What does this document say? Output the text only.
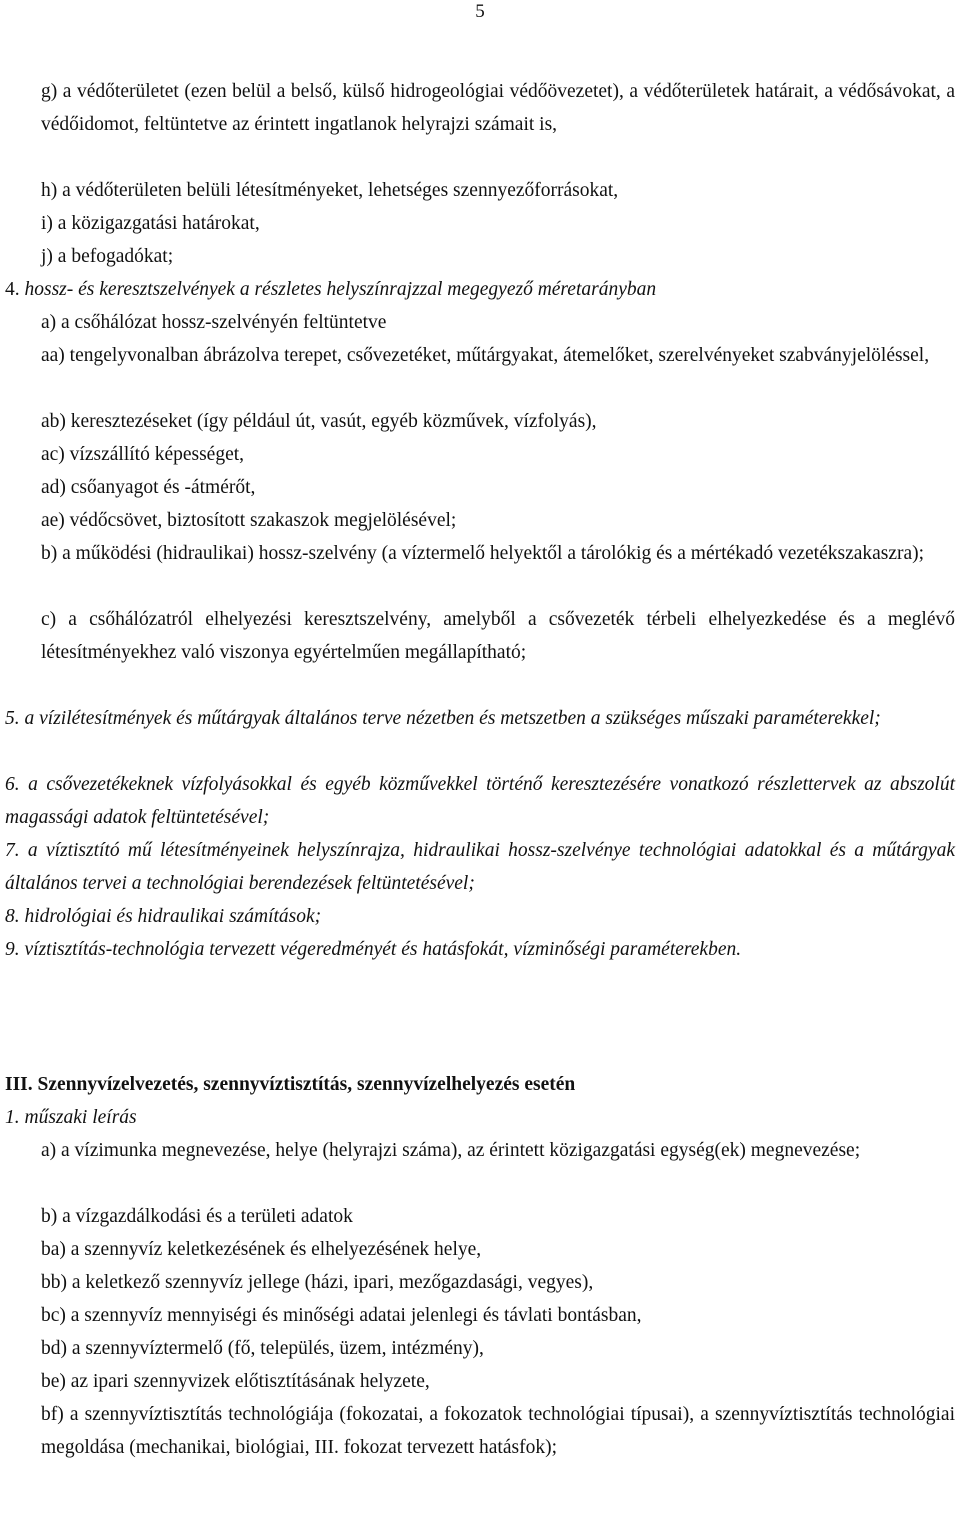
5
g) a védőterületet (ezen belül a belső, külső hidrogeológiai védőövezetet), a védőterületek határait, a védősávokat, a védőidomot, feltüntetve az érintett ingatlanok helyrajzi számait is,
h) a védőterületen belüli létesítményeket, lehetséges szennyezőforrásokat,
i) a közigazgatási határokat,
j) a befogadókat;
4. hossz- és keresztszelvények a részletes helyszínrajzzal megegyező méretarányban
a) a csőhálózat hossz-szelvényén feltüntetve
aa) tengelyvonalban ábrázolva terepet, csővezetéket, műtárgyakat, átemelőket, szerelvényeket szabványjelöléssel,
ab) keresztezéseket (így például út, vasút, egyéb közművek, vízfolyás),
ac) vízszállító képességet,
ad) csőanyagot és -átmérőt,
ae) védőcsövet, biztosított szakaszok megjelölésével;
b) a működési (hidraulikai) hossz-szelvény (a víztermelő helyektől a tárolókig és a mértékadó vezetékszakaszra);
c) a csőhálózatról elhelyezési keresztszelvény, amelyből a csővezeték térbeli elhelyezkedése és a meglévő létesítményekhez való viszonya egyértelműen megállapítható;
5. a vízilétesítmények és műtárgyak általános terve nézetben és metszetben a szükséges műszaki paraméterekkel;
6. a csővezetékeknek vízfolyásokkal és egyéb közművekkel történő keresztezésére vonatkozó részlettervek az abszolút magassági adatok feltüntetésével;
7. a víztisztító mű létesítményeinek helyszínrajza, hidraulikai hossz-szelvénye technológiai adatokkal és a műtárgyak általános tervei a technológiai berendezések feltüntetésével;
8. hidrológiai és hidraulikai számítások;
9. víztisztítás-technológia tervezett végeredményét és hatásfokát, vízminőségi paraméterekben.
III. Szennyvízelvezetés, szennyvíztisztítás, szennyvízelhelyezés esetén
1. műszaki leírás
a) a vízimunka megnevezése, helye (helyrajzi száma), az érintett közigazgatási egység(ek) megnevezése;
b) a vízgazdálkodási és a területi adatok
ba) a szennyvíz keletkezésének és elhelyezésének helye,
bb) a keletkező szennyvíz jellege (házi, ipari, mezőgazdasági, vegyes),
bc) a szennyvíz mennyiségi és minőségi adatai jelenlegi és távlati bontásban,
bd) a szennyvíztermelő (fő, település, üzem, intézmény),
be) az ipari szennyvizek előtisztításának helyzete,
bf) a szennyvíztisztítás technológiája (fokozatai, a fokozatok technológiai típusai), a szennyvíztisztítás technológiai megoldása (mechanikai, biológiai, III. fokozat tervezett hatásfok);
